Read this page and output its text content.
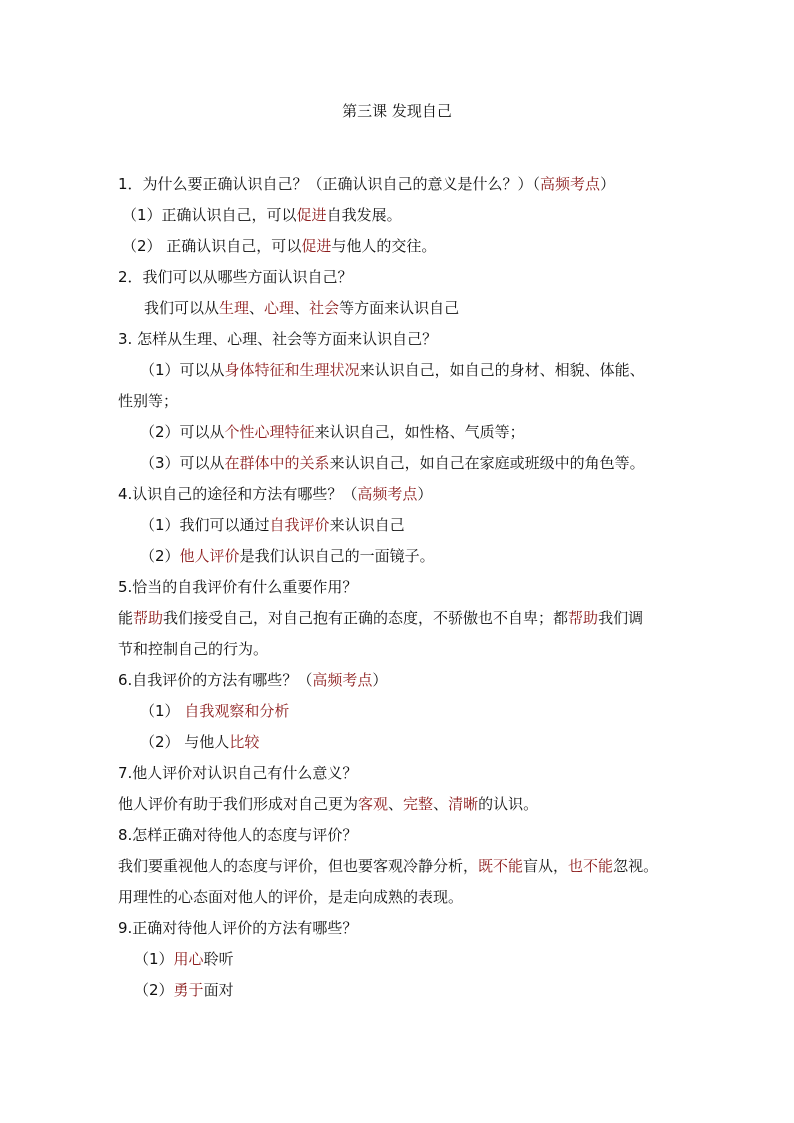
第三课 发现自己
1．为什么要正确认识自己？（正确认识自己的意义是什么？）（高频考点）
（1）正确认识自己，可以促进自我发展。
（2） 正确认识自己，可以促进与他人的交往。
2．我们可以从哪些方面认识自己？
我们可以从生理、心理、社会等方面来认识自己
3. 怎样从生理、心理、社会等方面来认识自己？
（1）可以从身体特征和生理状况来认识自己，如自己的身材、相貌、体能、
性别等；
（2）可以从个性心理特征来认识自己，如性格、气质等；
（3）可以从在群体中的关系来认识自己，如自己在家庭或班级中的角色等。
4.认识自己的途径和方法有哪些？（高频考点）
（1）我们可以通过自我评价来认识自己
（2）他人评价是我们认识自己的一面镜子。
5.恰当的自我评价有什么重要作用？
能帮助我们接受自己，对自己抱有正确的态度，不骄傲也不自卑；都帮助我们调
节和控制自己的行为。
6.自我评价的方法有哪些？（高频考点）
（1） 自我观察和分析
（2） 与他人比较
7.他人评价对认识自己有什么意义？
他人评价有助于我们形成对自己更为客观、完整、清晰的认识。
8.怎样正确对待他人的态度与评价？
我们要重视他人的态度与评价，但也要客观冷静分析，既不能盲从，也不能忽视。
用理性的心态面对他人的评价，是走向成熟的表现。
9.正确对待他人评价的方法有哪些？
（1）用心聆听
（2）勇于面对
